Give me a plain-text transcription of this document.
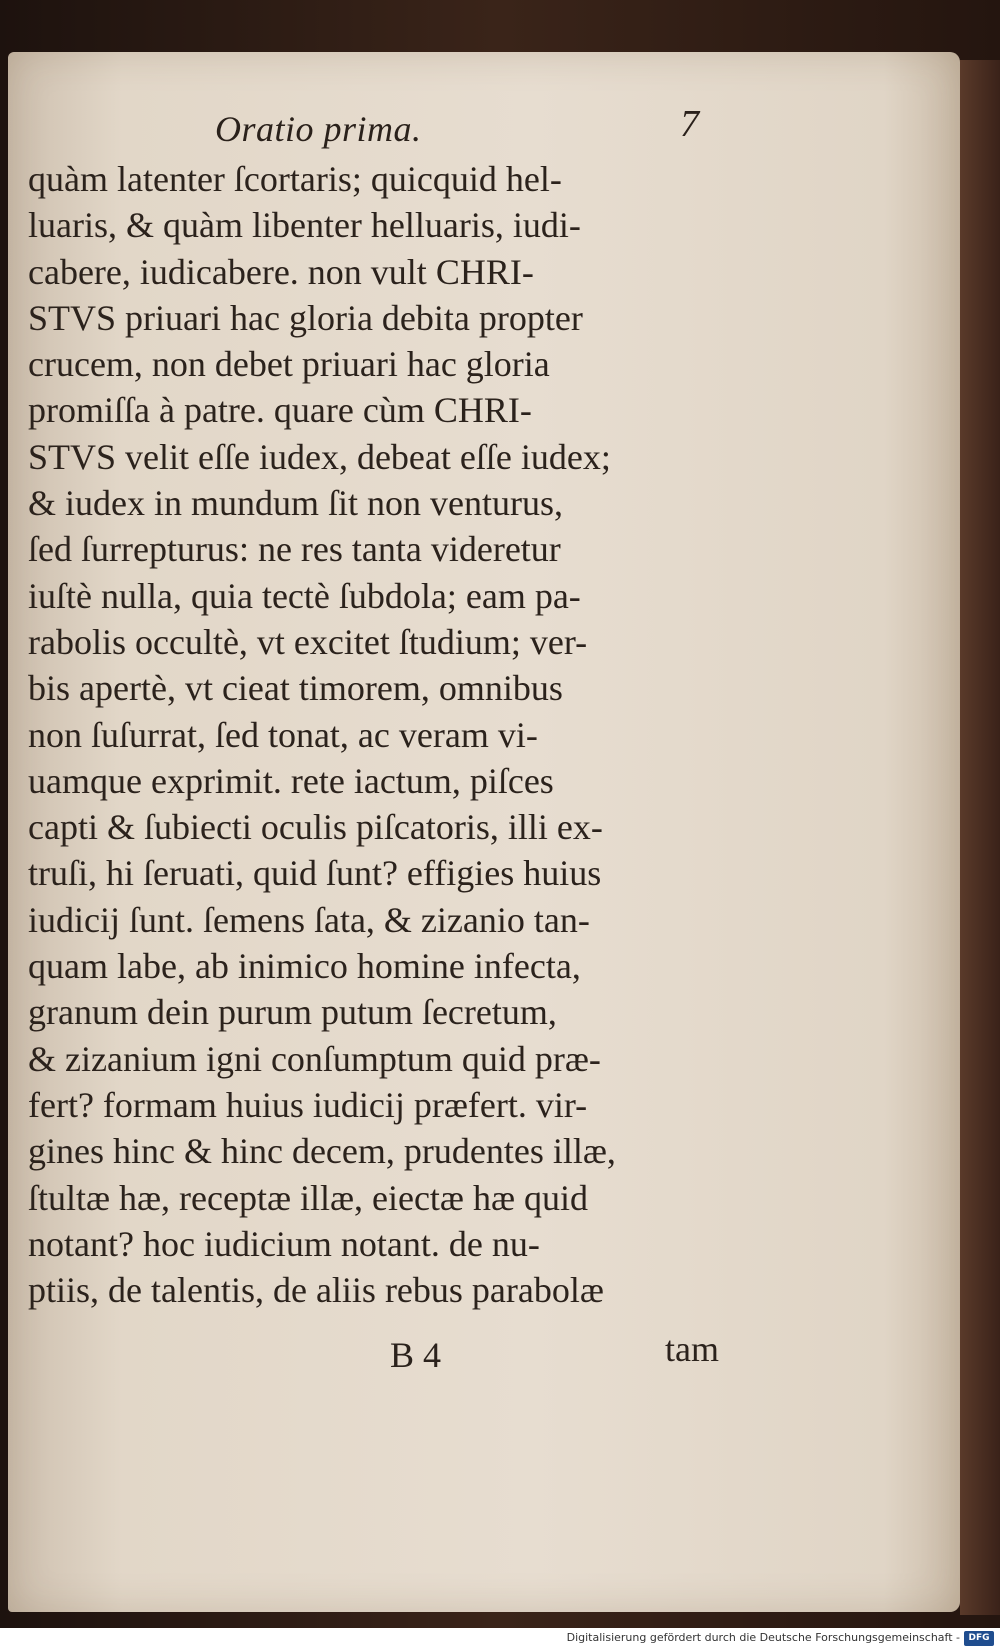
Oratio prima.	7
quàm latenter ſcortaris; quicquid hel-
luaris, & quàm libenter helluaris, iudi-
cabere, iudicabere. non vult CHRI-
STVS priuari hac gloria debita propter
crucem, non debet priuari hac gloria
promiſſa à patre. quare cùm CHRI-
STVS velit eſſe iudex, debeat eſſe iudex;
& iudex in mundum ſit non venturus,
ſed ſurrepturus: ne res tanta videretur
iuſtè nulla, quia tectè ſubdola; eam pa-
rabolis occultè, vt excitet ſtudium; ver-
bis apertè, vt cieat timorem, omnibus
non ſuſurrat, ſed tonat, ac veram vi-
uamque exprimit. rete iactum, piſces
capti & ſubiecti oculis piſcatoris, illi ex-
truſi, hi ſeruati, quid ſunt? effigies huius
iudicij ſunt. ſemens ſata, & zizanio tan-
quam labe, ab inimico homine infecta,
granum dein purum putum ſecretum,
& zizanium igni conſumptum quid præ-
fert? formam huius iudicij præfert. vir-
gines hinc & hinc decem, prudentes illæ,
ſtultæ hæ, receptæ illæ, eiectæ hæ quid
notant? hoc iudicium notant. de nu-
ptiis, de talentis, de aliis rebus parabolæ
B 4	tam
Digitalisierung gefördert durch die Deutsche Forschungsgemeinschaft - DFG
